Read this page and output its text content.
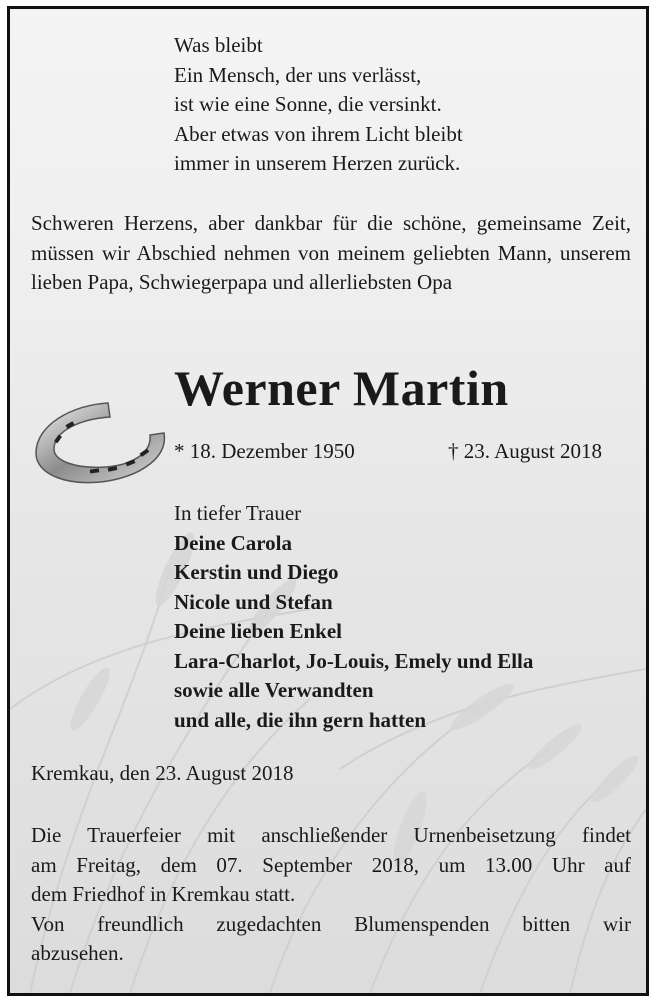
Was bleibt
Ein Mensch, der uns verlässt,
ist wie eine Sonne, die versinkt.
Aber etwas von ihrem Licht bleibt
immer in unserem Herzen zurück.
Schweren Herzens, aber dankbar für die schöne, gemeinsame Zeit, müssen wir Abschied nehmen von meinem geliebten Mann, unserem lieben Papa, Schwiegerpapa und allerliebsten Opa
Werner Martin
* 18. Dezember 1950	† 23. August 2018
In tiefer Trauer
Deine Carola
Kerstin und Diego
Nicole und Stefan
Deine lieben Enkel
Lara-Charlot, Jo-Louis, Emely und Ella
sowie alle Verwandten
und alle, die ihn gern hatten
Kremkau, den 23. August 2018
Die Trauerfeier mit anschließender Urnenbeisetzung findet
am Freitag, dem 07. September 2018, um 13.00 Uhr auf
dem Friedhof in Kremkau statt.
Von freundlich zugedachten Blumenspenden bitten wir
abzusehen.
